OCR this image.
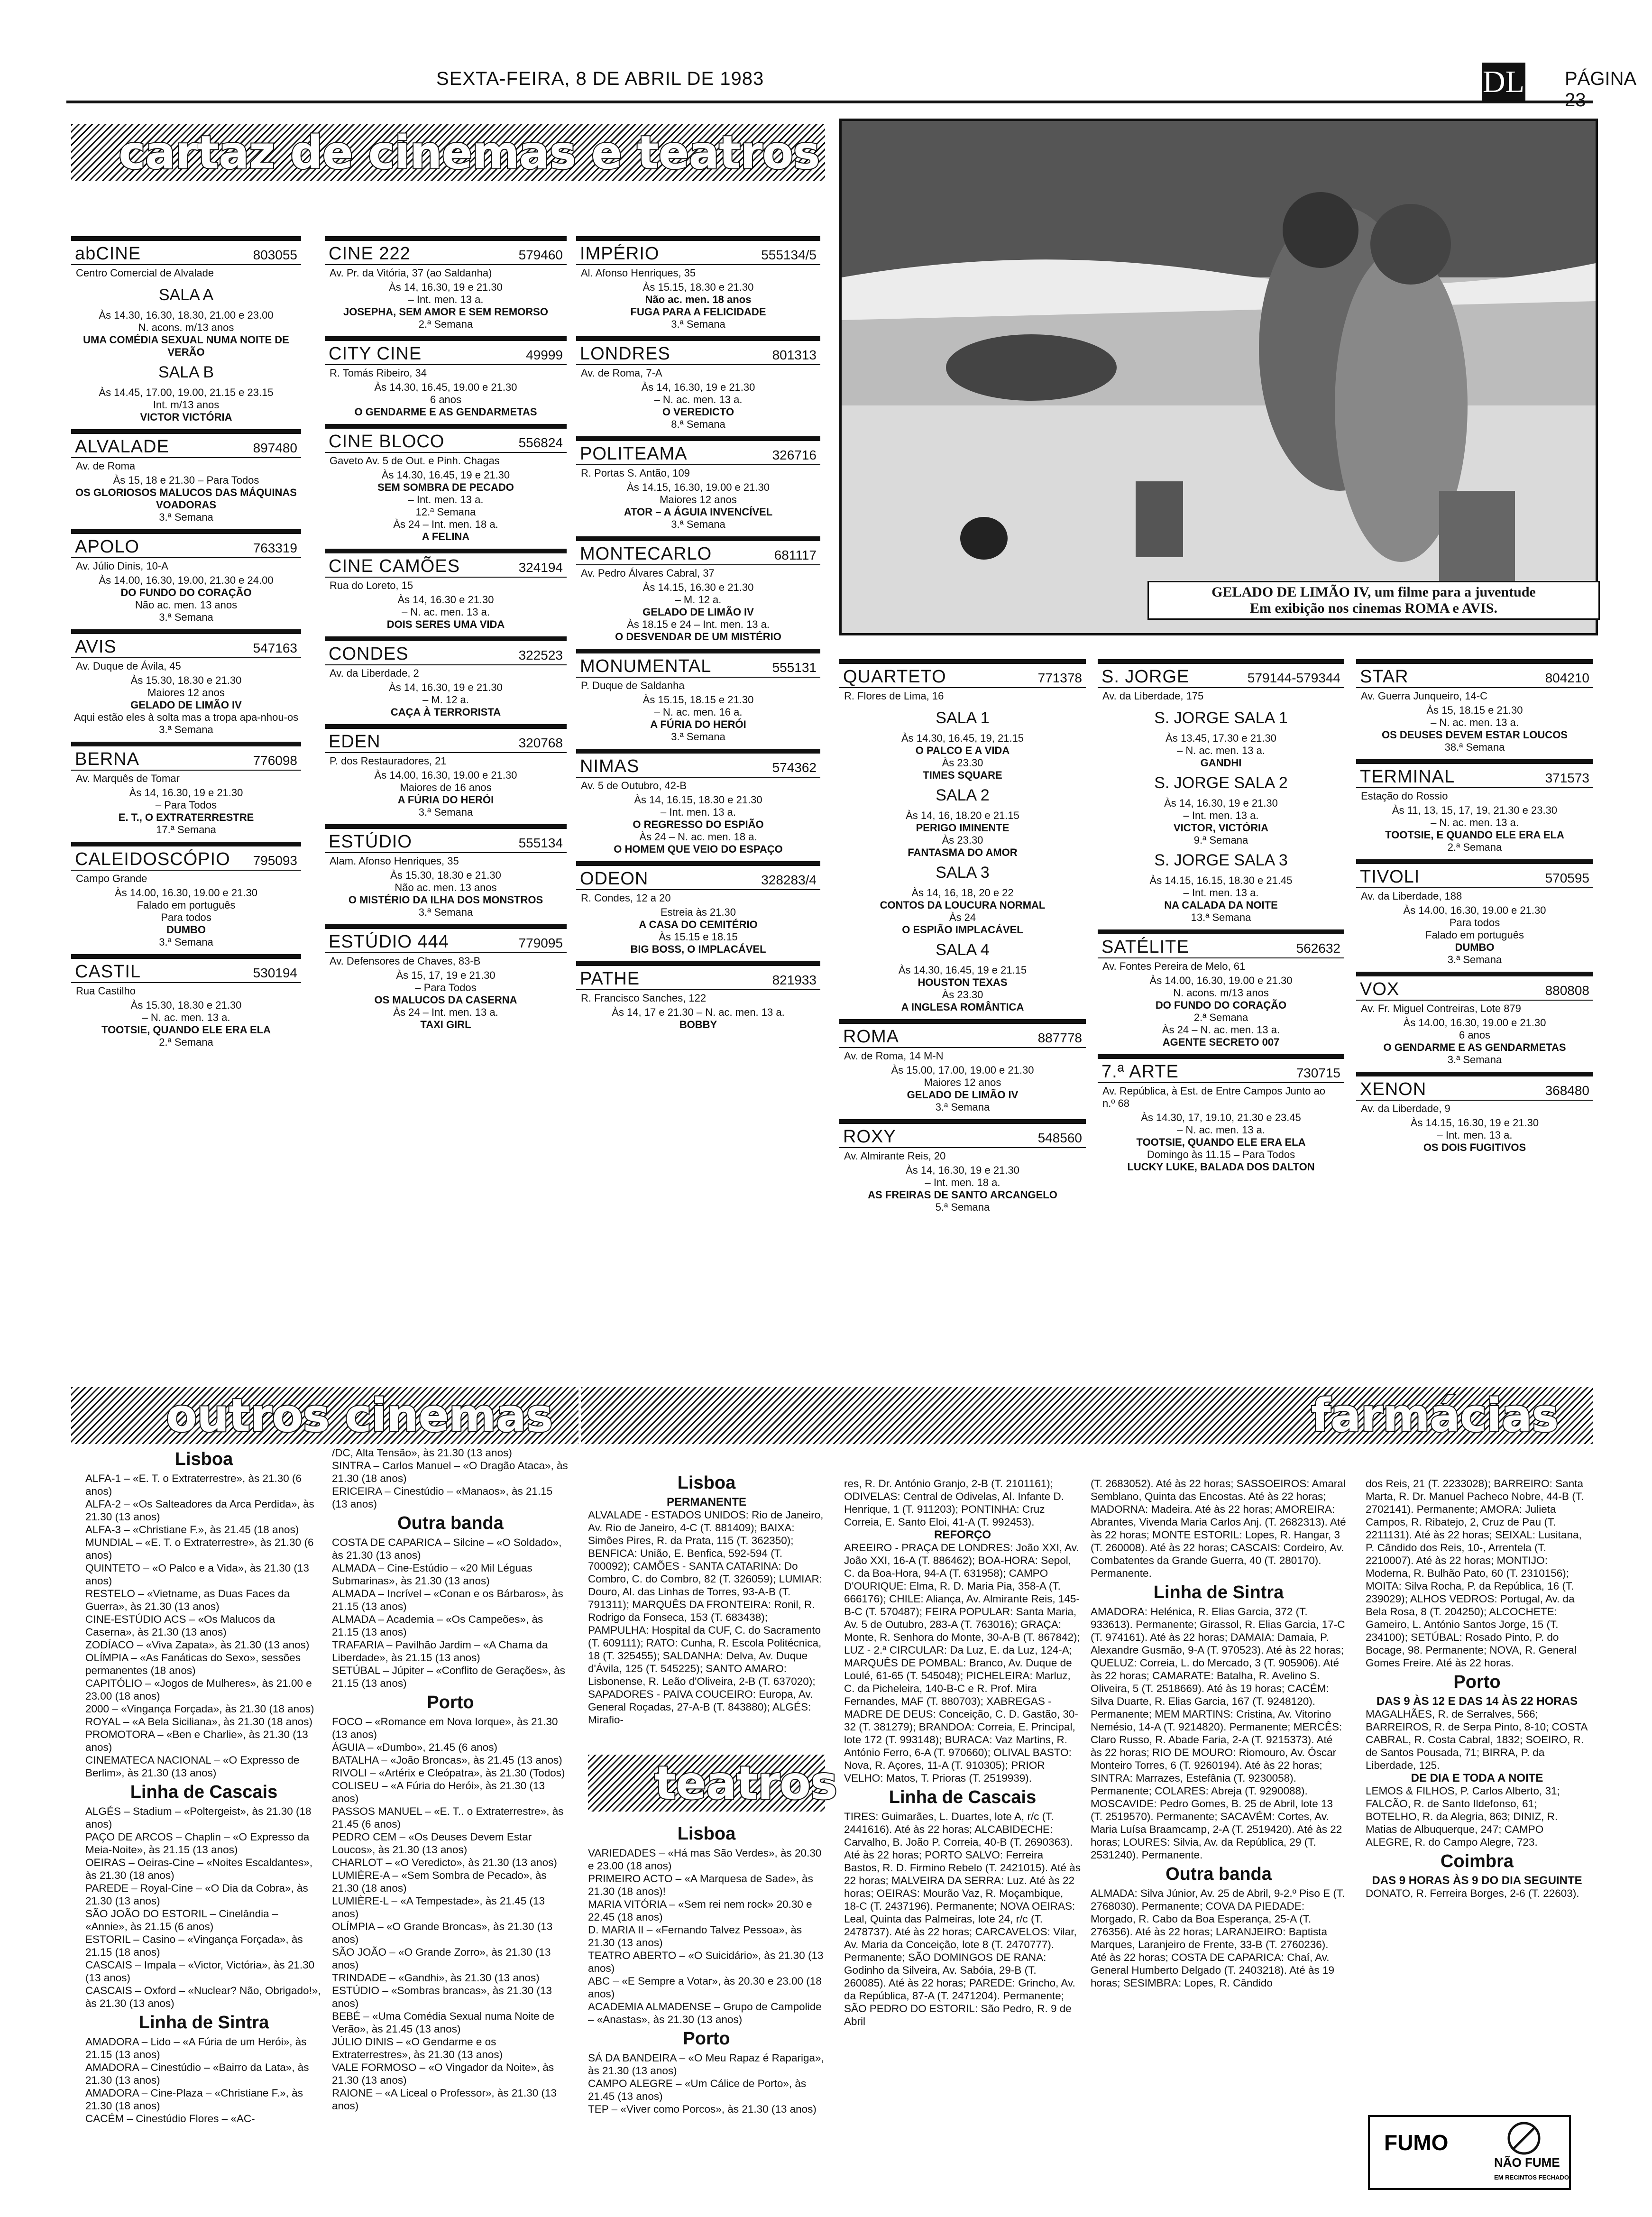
SEXTA-FEIRA, 8 DE ABRIL DE 1983	DL PÁGINA 23
cartaz de cinemas e teatros
GELADO DE LIMÃO IV, um filme para a juventude
Em exibição nos cinemas ROMA e AVIS.
abCINE	803055
Centro Comercial de Alvalade
SALA A
Às 14.30, 16.30, 18.30, 21.00 e 23.00
N. acons. m/13 anos
UMA COMÉDIA SEXUAL NUMA NOITE DE VERÃO
SALA B
Às 14.45, 17.00, 19.00, 21.15 e 23.15
Int. m/13 anos
VICTOR VICTÓRIA
ALVALADE	897480
Av. de Roma
Às 15, 18 e 21.30 – Para Todos
OS GLORIOSOS MALUCOS DAS MÁQUINAS VOADORAS
3.ª Semana
APOLO	763319
Av. Júlio Dinis, 10-A
Às 14.00, 16.30, 19.00, 21.30 e 24.00
DO FUNDO DO CORAÇÃO
Não ac. men. 13 anos
3.ª Semana
AVIS	547163
Av. Duque de Ávila, 45
Às 15.30, 18.30 e 21.30
Maiores 12 anos
GELADO DE LIMÃO IV
Aqui estão eles à solta mas a tropa apa-nhou-os
3.ª Semana
BERNA	776098
Av. Marquês de Tomar
Às 14, 16.30, 19 e 21.30
– Para Todos
E. T., O EXTRATERRESTRE
17.ª Semana
CALEIDOSCÓPIO 795093
Campo Grande
Às 14.00, 16.30, 19.00 e 21.30
Falado em português
Para todos
DUMBO
3.ª Semana
CASTIL	530194
Rua Castilho
Às 15.30, 18.30 e 21.30
– N. ac. men. 13 a.
TOOTSIE, QUANDO ELE ERA ELA
2.ª Semana
CINE 222	579460
Av. Pr. da Vitória, 37 (ao Saldanha)
Às 14, 16.30, 19 e 21.30
– Int. men. 13 a.
JOSEPHA, SEM AMOR E SEM REMORSO
2.ª Semana
CITY CINE	49999
R. Tomás Ribeiro, 34
Às 14.30, 16.45, 19.00 e 21.30
6 anos
O GENDARME E AS GENDARMETAS
CINE BLOCO	556824
Gaveto Av. 5 de Out. e Pinh. Chagas
Às 14.30, 16.45, 19 e 21.30
SEM SOMBRA DE PECADO
– Int. men. 13 a.
12.ª Semana
Às 24 – Int. men. 18 a.
A FELINA
CINE CAMÕES	324194
Rua do Loreto, 15
Às 14, 16.30 e 21.30
– N. ac. men. 13 a.
DOIS SERES UMA VIDA
CONDES	322523
Av. da Liberdade, 2
Às 14, 16.30, 19 e 21.30
– M. 12 a.
CAÇA À TERRORISTA
EDEN	320768
P. dos Restauradores, 21
Às 14.00, 16.30, 19.00 e 21.30
Maiores de 16 anos
A FÚRIA DO HERÓI
3.ª Semana
ESTÚDIO	555134
Alam. Afonso Henriques, 35
Às 15.30, 18.30 e 21.30
Não ac. men. 13 anos
O MISTÉRIO DA ILHA DOS MONSTROS
3.ª Semana
ESTÚDIO 444	779095
Av. Defensores de Chaves, 83-B
Às 15, 17, 19 e 21.30
– Para Todos
OS MALUCOS DA CASERNA
Às 24 – Int. men. 13 a.
TAXI GIRL
IMPÉRIO	555134/5
Al. Afonso Henriques, 35
Às 15.15, 18.30 e 21.30
Não ac. men. 18 anos
FUGA PARA A FELICIDADE
3.ª Semana
LONDRES	801313
Av. de Roma, 7-A
Às 14, 16.30, 19 e 21.30
– N. ac. men. 13 a.
O VEREDICTO
8.ª Semana
POLITEAMA	326716
R. Portas S. Antão, 109
Às 14.15, 16.30, 19.00 e 21.30
Maiores 12 anos
ATOR – A ÁGUIA INVENCÍVEL
3.ª Semana
MONTECARLO	681117
Av. Pedro Álvares Cabral, 37
Às 14.15, 16.30 e 21.30
– M. 12 a.
GELADO DE LIMÃO IV
Às 18.15 e 24 – Int. men. 13 a.
O DESVENDAR DE UM MISTÉRIO
MONUMENTAL	555131
P. Duque de Saldanha
Às 15.15, 18.15 e 21.30
– N. ac. men. 16 a.
A FÚRIA DO HERÓI
3.ª Semana
NIMAS	574362
Av. 5 de Outubro, 42-B
Às 14, 16.15, 18.30 e 21.30
– Int. men. 13 a.
O REGRESSO DO ESPIÃO
Às 24 – N. ac. men. 18 a.
O HOMEM QUE VEIO DO ESPAÇO
ODEON	328283/4
R. Condes, 12 a 20
Estreia às 21.30
A CASA DO CEMITÉRIO
Às 15.15 e 18.15
BIG BOSS, O IMPLACÁVEL
PATHE	821933
R. Francisco Sanches, 122
Às 14, 17 e 21.30 – N. ac. men. 13 a.
BOBBY
QUARTETO	771378
R. Flores de Lima, 16
SALA 1
Às 14.30, 16.45, 19, 21.15
O PALCO E A VIDA
Às 23.30
TIMES SQUARE
SALA 2
Às 14, 16, 18.20 e 21.15
PERIGO IMINENTE
Às 23.30
FANTASMA DO AMOR
SALA 3
Às 14, 16, 18, 20 e 22
CONTOS DA LOUCURA NORMAL
Às 24
O ESPIÃO IMPLACÁVEL
SALA 4
Às 14.30, 16.45, 19 e 21.15
HOUSTON TEXAS
Às 23.30
A INGLESA ROMÂNTICA
ROMA	887778
Av. de Roma, 14 M-N
Às 15.00, 17.00, 19.00 e 21.30
Maiores 12 anos
GELADO DE LIMÃO IV
3.ª Semana
ROXY	548560
Av. Almirante Reis, 20
Às 14, 16.30, 19 e 21.30
– Int. men. 18 a.
AS FREIRAS DE SANTO ARCANGELO
5.ª Semana
S. JORGE	579144-579344
Av. da Liberdade, 175
S. JORGE SALA 1
Às 13.45, 17.30 e 21.30
– N. ac. men. 13 a.
GANDHI
S. JORGE SALA 2
Às 14, 16.30, 19 e 21.30
– Int. men. 13 a.
VICTOR, VICTÓRIA
9.ª Semana
S. JORGE SALA 3
Às 14.15, 16.15, 18.30 e 21.45
– Int. men. 13 a.
NA CALADA DA NOITE
13.ª Semana
SATÉLITE	562632
Av. Fontes Pereira de Melo, 61
Às 14.00, 16.30, 19.00 e 21.30
N. acons. m/13 anos
DO FUNDO DO CORAÇÃO
2.ª Semana
Às 24 – N. ac. men. 13 a.
AGENTE SECRETO 007
7.ª ARTE	730715
Av. República, à Est. de Entre Campos Junto ao n.º 68
Às 14.30, 17, 19.10, 21.30 e 23.45
– N. ac. men. 13 a.
TOOTSIE, QUANDO ELE ERA ELA
Domingo às 11.15 – Para Todos
LUCKY LUKE, BALADA DOS DALTON
STAR	804210
Av. Guerra Junqueiro, 14-C
Às 15, 18.15 e 21.30
– N. ac. men. 13 a.
OS DEUSES DEVEM ESTAR LOUCOS
38.ª Semana
TERMINAL	371573
Estação do Rossio
Às 11, 13, 15, 17, 19, 21.30 e 23.30
– N. ac. men. 13 a.
TOOTSIE, E QUANDO ELE ERA ELA
2.ª Semana
TIVOLI	570595
Av. da Liberdade, 188
Às 14.00, 16.30, 19.00 e 21.30
Para todos
Falado em português
DUMBO
3.ª Semana
VOX	880808
Av. Fr. Miguel Contreiras, Lote 879
Às 14.00, 16.30, 19.00 e 21.30
6 anos
O GENDARME E AS GENDARMETAS
3.ª Semana
XENON	368480
Av. da Liberdade, 9
Às 14.15, 16.30, 19 e 21.30
– Int. men. 13 a.
OS DOIS FUGITIVOS
outros cinemas	farmácias
Lisboa

ALFA-1 – «E. T. o Extraterrestre», às 21.30 (6 anos)

ALFA-2 – «Os Salteadores da Arca Perdida», às 21.30 (13 anos)

ALFA-3 – «Christiane F.», às 21.45 (18 anos)

MUNDIAL – «E. T. o Extraterrestre», às 21.30 (6 anos)

QUINTETO – «O Palco e a Vida», às 21.30 (13 anos)

RESTELO – «Vietname, as Duas Faces da Guerra», às 21.30 (13 anos)

CINE-ESTÚDIO ACS – «Os Malucos da Caserna», às 21.30 (13 anos)

ZODÍACO – «Viva Zapata», às 21.30 (13 anos)

OLÍMPIA – «As Fanáticas do Sexo», sessões permanentes (18 anos)

CAPITÓLIO – «Jogos de Mulheres», às 21.00 e 23.00 (18 anos)

2000 – «Vingança Forçada», às 21.30 (18 anos)

ROYAL – «A Bela Siciliana», às 21.30 (18 anos)

PROMOTORA – «Ben e Charlie», às 21.30 (13 anos)

CINEMATECA NACIONAL – «O Expresso de Berlim», às 21.30 (13 anos)

Linha de Cascais

ALGÉS – Stadium – «Poltergeist», às 21.30 (18 anos)

PAÇO DE ARCOS – Chaplin – «O Expresso da Meia-Noite», às 21.15 (13 anos)

OEIRAS – Oeiras-Cine – «Noites Escaldantes», às 21.30 (18 anos)

PAREDE – Royal-Cine – «O Dia da Cobra», às 21.30 (13 anos)

SÃO JOÃO DO ESTORIL – Cinelândia – «Annie», às 21.15 (6 anos)

ESTORIL – Casino – «Vingança Forçada», às 21.15 (18 anos)

CASCAIS – Impala – «Victor, Victória», às 21.30 (13 anos)

CASCAIS – Oxford – «Nuclear? Não, Obrigado!», às 21.30 (13 anos)

Linha de Sintra

AMADORA – Lido – «A Fúria de um Herói», às 21.15 (13 anos)

AMADORA – Cinestúdio – «Bairro da Lata», às 21.30 (13 anos)

AMADORA – Cine-Plaza – «Christiane F.», às 21.30 (18 anos)

CACÉM – Cinestúdio Flores – «AC-

/DC, Alta Tensão», às 21.30 (13 anos)

SINTRA – Carlos Manuel – «O Dragão Ataca», às 21.30 (18 anos)

ERICEIRA – Cinestúdio – «Manaos», às 21.15 (13 anos)

Outra banda

COSTA DE CAPARICA – Silcine – «O Soldado», às 21.30 (13 anos)

ALMADA – Cine-Estúdio – «20 Mil Léguas Submarinas», às 21.30 (13 anos)

ALMADA – Incrível – «Conan e os Bárbaros», às 21.15 (13 anos)

ALMADA – Academia – «Os Campeões», às 21.15 (13 anos)

TRAFARIA – Pavilhão Jardim – «A Chama da Liberdade», às 21.15 (13 anos)

SETÚBAL – Júpiter – «Conflito de Gerações», às 21.15 (13 anos)

Porto

FOCO – «Romance em Nova Iorque», às 21.30 (13 anos)

ÁGUIA – «Dumbo», 21.45 (6 anos)

BATALHA – «João Broncas», às 21.45 (13 anos)

RIVOLI – «Artérix e Cleópatra», às 21.30 (Todos)

COLISEU – «A Fúria do Herói», às 21.30 (13 anos)

PASSOS MANUEL – «E. T.. o Extraterrestre», às 21.45 (6 anos)

PEDRO CEM – «Os Deuses Devem Estar Loucos», às 21.30 (13 anos)

CHARLOT – «O Veredicto», às 21.30 (13 anos)

LUMIÈRE-A – «Sem Sombra de Pecado», às 21.30 (18 anos)

LUMIÈRE-L – «A Tempestade», às 21.45 (13 anos)

OLÍMPIA – «O Grande Broncas», às 21.30 (13 anos)

SÃO JOÃO – «O Grande Zorro», às 21.30 (13 anos)

TRINDADE – «Gandhi», às 21.30 (13 anos)

ESTÚDIO – «Sombras brancas», às 21.30 (13 anos)

BEBÉ – «Uma Comédia Sexual numa Noite de Verão», às 21.45 (13 anos)

JÚLIO DINIS – «O Gendarme e os Extraterrestres», às 21.30 (13 anos)

VALE FORMOSO – «O Vingador da Noite», às 21.30 (13 anos)

RAIONE – «A Liceal o Professor», às 21.30 (13 anos)

Lisboa
PERMANENTE

ALVALADE - ESTADOS UNIDOS: Rio de Janeiro, Av. Rio de Janeiro, 4-C (T. 881409); BAIXA: Simões Pires, R. da Prata, 115 (T. 362350); BENFICA: União, E. Benfica, 592-594 (T. 700092); CAMÕES - SANTA CATARINA: Do Combro, C. do Combro, 82 (T. 326059); LUMIAR: Douro, Al. das Linhas de Torres, 93-A-B (T. 791311); MARQUÊS DA FRONTEIRA: Ronil, R. Rodrigo da Fonseca, 153 (T. 683438); PAMPULHA: Hospital da CUF, C. do Sacramento (T. 609111); RATO: Cunha, R. Escola Politécnica, 18 (T. 325455); SALDANHA: Delva, Av. Duque d'Ávila, 125 (T. 545225); SANTO AMARO: Lisbonense, R. Leão d'Oliveira, 2-B (T. 637020); SAPADORES - PAIVA COUCEIRO: Europa, Av. General Roçadas, 27-A-B (T. 843880); ALGÉS: Mirafio-

teatros
Lisboa

VARIEDADES – «Há mas São Verdes», às 20.30 e 23.00 (18 anos)

PRIMEIRO ACTO – «A Marquesa de Sade», às 21.30 (18 anos)!

MARIA VITÓRIA – «Sem rei nem rock» 20.30 e 22.45 (18 anos)

D. MARIA II – «Fernando Talvez Pessoa», às 21.30 (13 anos)

TEATRO ABERTO – «O Suicidário», às 21.30 (13 anos)

ABC – «E Sempre a Votar», às 20.30 e 23.00 (18 anos)

ACADEMIA ALMADENSE – Grupo de Campolide – «Anastas», às 21.30 (13 anos)

Porto

SÁ DA BANDEIRA – «O Meu Rapaz é Rapariga», às 21.30 (13 anos)

CAMPO ALEGRE – «Um Cálice de Porto», às 21.45 (13 anos)

TEP – «Viver como Porcos», às 21.30 (13 anos)

res, R. Dr. António Granjo, 2-B (T. 2101161); ODIVELAS: Central de Odivelas, Al. Infante D. Henrique, 1 (T. 911203); PONTINHA: Cruz Correia, E. Santo Eloi, 41-A (T. 992453).

REFORÇO

AREEIRO - PRAÇA DE LONDRES: João XXI, Av. João XXI, 16-A (T. 886462); BOA-HORA: Sepol, C. da Boa-Hora, 94-A (T. 631958); CAMPO D'OURIQUE: Elma, R. D. Maria Pia, 358-A (T. 666176); CHILE: Aliança, Av. Almirante Reis, 145-B-C (T. 570487); FEIRA POPULAR: Santa Maria, Av. 5 de Outubro, 283-A (T. 763016); GRAÇA: Monte, R. Senhora do Monte, 30-A-B (T. 867842); LUZ - 2.ª CIRCULAR: Da Luz, E. da Luz, 124-A; MARQUÊS DE POMBAL: Branco, Av. Duque de Loulé, 61-65 (T. 545048); PICHELEIRA: Marluz, C. da Picheleira, 140-B-C e R. Prof. Mira Fernandes, MAF (T. 880703); XABREGAS - MADRE DE DEUS: Conceição, C. D. Gastão, 30-32 (T. 381279); BRANDOA: Correia, E. Principal, lote 172 (T. 993148); BURACA: Vaz Martins, R. António Ferro, 6-A (T. 970660); OLIVAL BASTO: Nova, R. Açores, 11-A (T. 910305); PRIOR VELHO: Matos, T. Prioras (T. 2519939).

Linha de Cascais

TIRES: Guimarães, L. Duartes, lote A, r/c (T. 2441616). Até às 22 horas; ALCABIDECHE: Carvalho, B. João P. Correia, 40-B (T. 2690363). Até às 22 horas; PORTO SALVO: Ferreira Bastos, R. D. Firmino Rebelo (T. 2421015). Até às 22 horas; MALVEIRA DA SERRA: Luz. Até às 22 horas; OEIRAS: Mourão Vaz, R. Moçambique, 18-C (T. 2437196). Permanente; NOVA OEIRAS: Leal, Quinta das Palmeiras, lote 24, r/c (T. 2478737). Até às 22 horas; CARCAVELOS: Vilar, Av. Maria da Conceição, lote 8 (T. 2470777). Permanente; SÃO DOMINGOS DE RANA: Godinho da Silveira, Av. Sabóia, 29-B (T. 260085). Até às 22 horas; PAREDE: Grincho, Av. da República, 87-A (T. 2471204). Permanente; SÃO PEDRO DO ESTORIL: São Pedro, R. 9 de Abril

(T. 2683052). Até às 22 horas; SASSOEIROS: Amaral Semblano, Quinta das Encostas. Até às 22 horas; MADORNA: Madeira. Até às 22 horas; AMOREIRA: Abrantes, Vivenda Maria Carlos Anj. (T. 2682313). Até às 22 horas; MONTE ESTORIL: Lopes, R. Hangar, 3 (T. 260008). Até às 22 horas; CASCAIS: Cordeiro, Av. Combatentes da Grande Guerra, 40 (T. 280170). Permanente.

Linha de Sintra

AMADORA: Helénica, R. Elias Garcia, 372 (T. 933613). Permanente; Girassol, R. Elias Garcia, 17-C (T. 974161). Até às 22 horas; DAMAIA: Damaia, P. Alexandre Gusmão, 9-A (T. 970523). Até às 22 horas; QUELUZ: Correia, L. do Mercado, 3 (T. 905906). Até às 22 horas; CAMARATE: Batalha, R. Avelino S. Oliveira, 5 (T. 2518669). Até às 19 horas; CACÉM: Silva Duarte, R. Elias Garcia, 167 (T. 9248120). Permanente; MEM MARTINS: Cristina, Av. Vitorino Nemésio, 14-A (T. 9214820). Permanente; MERCÊS: Claro Russo, R. Abade Faria, 2-A (T. 9215373). Até às 22 horas; RIO DE MOURO: Riomouro, Av. Óscar Monteiro Torres, 6 (T. 9260194). Até às 22 horas; SINTRA: Marrazes, Estefânia (T. 9230058). Permanente; COLARES: Abreja (T. 9290088).

MOSCAVIDE: Pedro Gomes, B. 25 de Abril, lote 13 (T. 2519570). Permanente; SACAVÉM: Cortes, Av. Maria Luísa Braamcamp, 2-A (T. 2519420). Até às 22 horas; LOURES: Silvia, Av. da República, 29 (T. 2531240). Permanente.

Outra banda

ALMADA: Silva Júnior, Av. 25 de Abril, 9-2.º Piso E (T. 2768030). Permanente; COVA DA PIEDADE: Morgado, R. Cabo da Boa Esperança, 25-A (T. 276356). Até às 22 horas; LARANJEIRO: Baptista Marques, Laranjeiro de Frente, 33-B (T. 2760236). Até às 22 horas; COSTA DE CAPARICA: Chaí, Av. General Humberto Delgado (T. 2403218). Até às 19 horas; SESIMBRA: Lopes, R. Cândido

dos Reis, 21 (T. 2233028); BARREIRO: Santa Marta, R. Dr. Manuel Pacheco Nobre, 44-B (T. 2702141). Permanente; AMORA: Julieta Campos, R. Ribatejo, 2, Cruz de Pau (T. 2211131). Até às 22 horas; SEIXAL: Lusitana, P. Cândido dos Reis, 10-, Arrentela (T. 2210007). Até às 22 horas; MONTIJO: Moderna, R. Bulhão Pato, 60 (T. 2310156); MOITA: Silva Rocha, P. da República, 16 (T. 239029); ALHOS VEDROS: Portugal, Av. da Bela Rosa, 8 (T. 204250); ALCOCHETE: Gameiro, L. António Santos Jorge, 15 (T. 234100); SETÚBAL: Rosado Pinto, P. do Bocage, 98. Permanente; NOVA, R. General Gomes Freire. Até às 22 horas.

Porto
DAS 9 ÀS 12 E DAS 14 ÀS 22 HORAS

MAGALHÃES, R. de Serralves, 566; BARREIROS, R. de Serpa Pinto, 8-10; COSTA CABRAL, R. Costa Cabral, 1832; SOEIRO, R. de Santos Pousada, 71; BIRRA, P. da Liberdade, 125.

DE DIA E TODA A NOITE

LEMOS & FILHOS, P. Carlos Alberto, 31; FALCÃO, R. de Santo Ildefonso, 61; BOTELHO, R. da Alegria, 863; DINIZ, R. Matias de Albuquerque, 247; CAMPO ALEGRE, R. do Campo Alegre, 723.

Coimbra
DAS 9 HORAS ÀS 9 DO DIA SEGUINTE

DONATO, R. Ferreira Borges, 2-6 (T. 22603).

FUMO
NÃO FUME
EM RECINTOS FECHADOS
